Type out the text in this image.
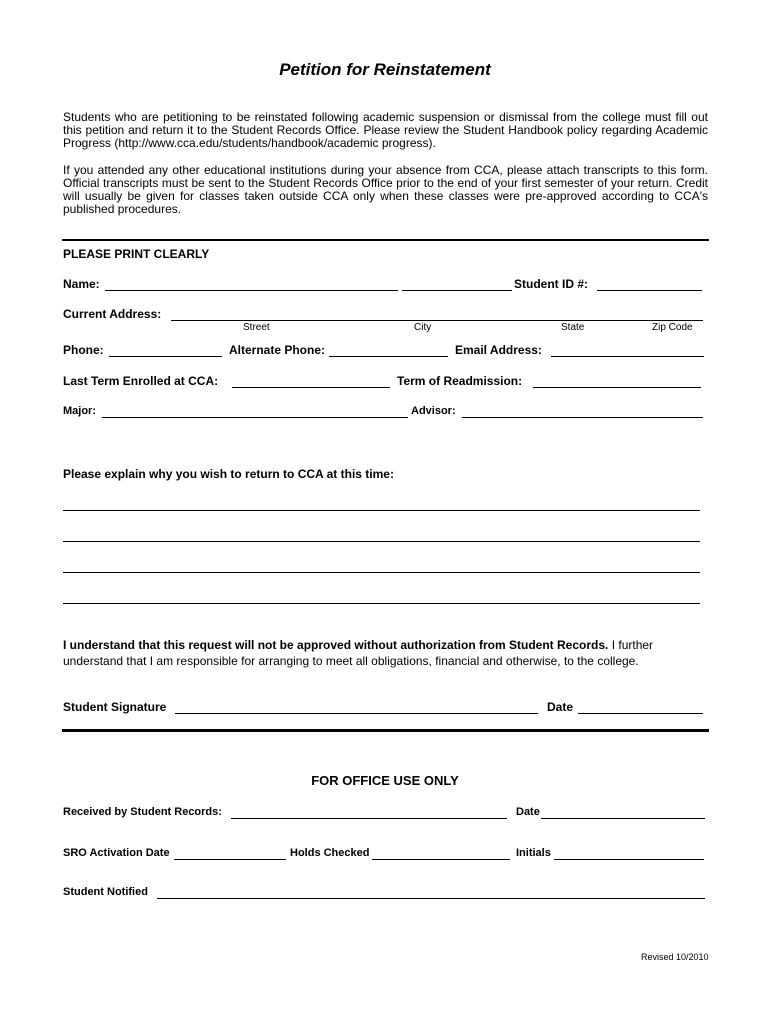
Petition for Reinstatement
Students who are petitioning to be reinstated following academic suspension or dismissal from the college must fill out this petition and return it to the Student Records Office. Please review the Student Handbook policy regarding Academic Progress (http://www.cca.edu/students/handbook/academic progress).
If you attended any other educational institutions during your absence from CCA, please attach transcripts to this form. Official transcripts must be sent to the Student Records Office prior to the end of your first semester of your return. Credit will usually be given for classes taken outside CCA only when these classes were pre-approved according to CCA's published procedures.
PLEASE PRINT CLEARLY
Name:	Student ID #:
Current Address:
Street	City	State	Zip Code
Phone:	Alternate Phone:	Email Address:
Last Term Enrolled at CCA:	Term of Readmission:
Major:	Advisor:
Please explain why you wish to return to CCA at this time:
I understand that this request will not be approved without authorization from Student Records. I further understand that I am responsible for arranging to meet all obligations, financial and otherwise, to the college.
Student Signature	Date
FOR OFFICE USE ONLY
Received by Student Records:	Date
SRO Activation Date	Holds Checked	Initials
Student Notified
Revised 10/2010
